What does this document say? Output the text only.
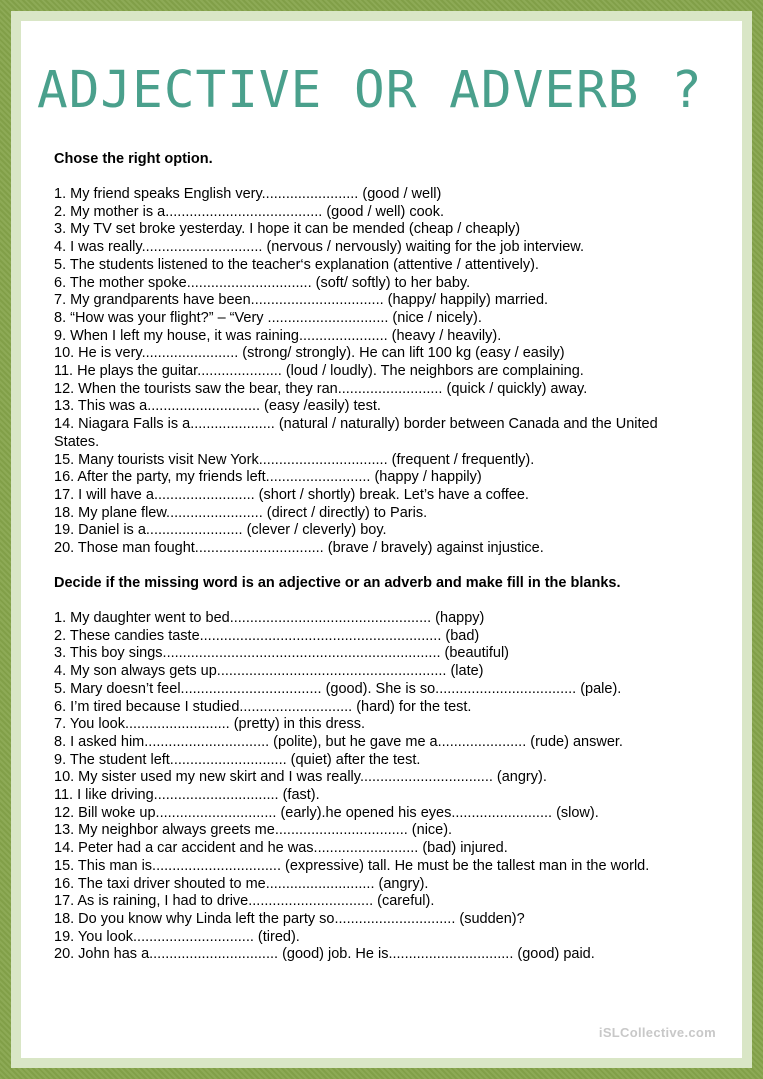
ADJECTIVE OR ADVERB ?
Chose the right option.
1. My friend speaks English very........................ (good / well)
2. My mother is a....................................... (good / well) cook.
3. My TV set broke yesterday. I hope it can be mended (cheap / cheaply)
4. I was really.............................. (nervous / nervously) waiting for the job interview.
5. The students listened to the teacher‘s explanation (attentive / attentively).
6. The mother spoke............................... (soft/ softly) to her baby.
7. My grandparents have been................................. (happy/ happily) married.
8. “How was your flight?” – “Very .............................. (nice / nicely).
9. When I left my house, it was raining...................... (heavy / heavily).
10. He is very........................ (strong/ strongly). He can lift 100 kg (easy / easily)
11. He plays the guitar..................... (loud / loudly). The neighbors are complaining.
12. When the tourists saw the bear, they ran.......................... (quick / quickly) away.
13. This was a............................ (easy /easily) test.
14. Niagara Falls is a..................... (natural / naturally) border between Canada and the United States.
15. Many tourists visit New York................................ (frequent / frequently).
16. After the party, my friends left.......................... (happy / happily)
17. I will have a......................... (short / shortly) break. Let’s have a coffee.
18. My plane flew........................ (direct / directly) to Paris.
19. Daniel is a........................ (clever / cleverly) boy.
20. Those man fought................................ (brave / bravely) against injustice.
Decide if the missing word is an adjective or an adverb and make fill in the blanks.
1. My daughter went to bed.................................................. (happy)
2. These candies taste............................................................ (bad)
3. This boy sings..................................................................... (beautiful)
4. My son always gets up......................................................... (late)
5. Mary doesn’t feel................................... (good). She is so................................... (pale).
6. I’m tired because I studied............................ (hard) for the test.
7. You look.......................... (pretty) in this dress.
8. I asked him............................... (polite), but he gave me a...................... (rude) answer.
9. The student left............................. (quiet) after the test.
10. My sister used my new skirt and I was really................................. (angry).
11. I like driving............................... (fast).
12. Bill woke up.............................. (early).he opened his eyes......................... (slow).
13. My neighbor always greets me................................. (nice).
14. Peter had a car accident and he was.......................... (bad) injured.
15. This man is................................ (expressive) tall. He must be the tallest man in the world.
16. The taxi driver shouted to me........................... (angry).
17. As is raining, I had to drive............................... (careful).
18. Do you know why Linda left the party so.............................. (sudden)?
19. You look.............................. (tired).
20. John has a................................ (good) job. He is............................... (good) paid.
iSLCollective.com
